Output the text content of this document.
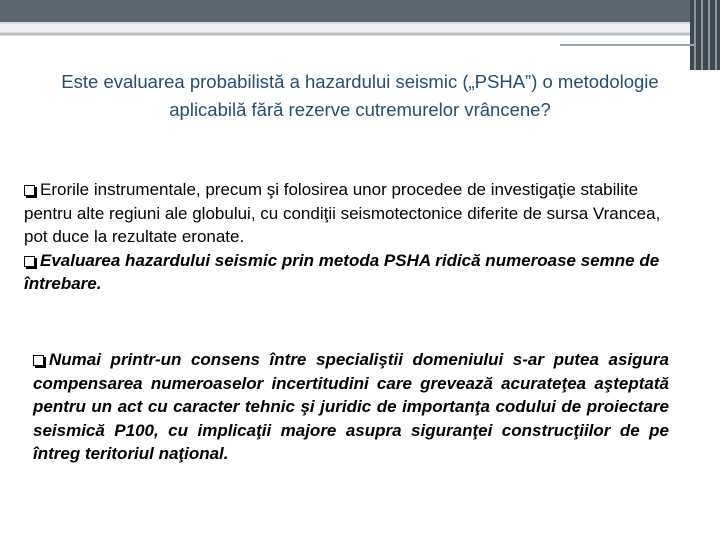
Este evaluarea probabilistă a hazardului seismic („PSHA”) o metodologie aplicabilă fără rezerve cutremurelor vrâncene?

Erorile instrumentale, precum şi folosirea unor procedee de investigaţie stabilite pentru alte regiuni ale globului, cu condiţii seismotectonice diferite de sursa Vrancea, pot duce la rezultate eronate.

Evaluarea hazardului seismic prin metoda PSHA ridică numeroase semne de întrebare.

Numai printr-un consens între specialiştii domeniului s-ar putea asigura compensarea numeroaselor incertitudini care grevează acurateţea aşteptată pentru un act cu caracter tehnic şi juridic de importanţa codului de proiectare seismică P100, cu implicaţii majore asupra siguranţei construcţiilor de pe întreg teritoriul naţional.
